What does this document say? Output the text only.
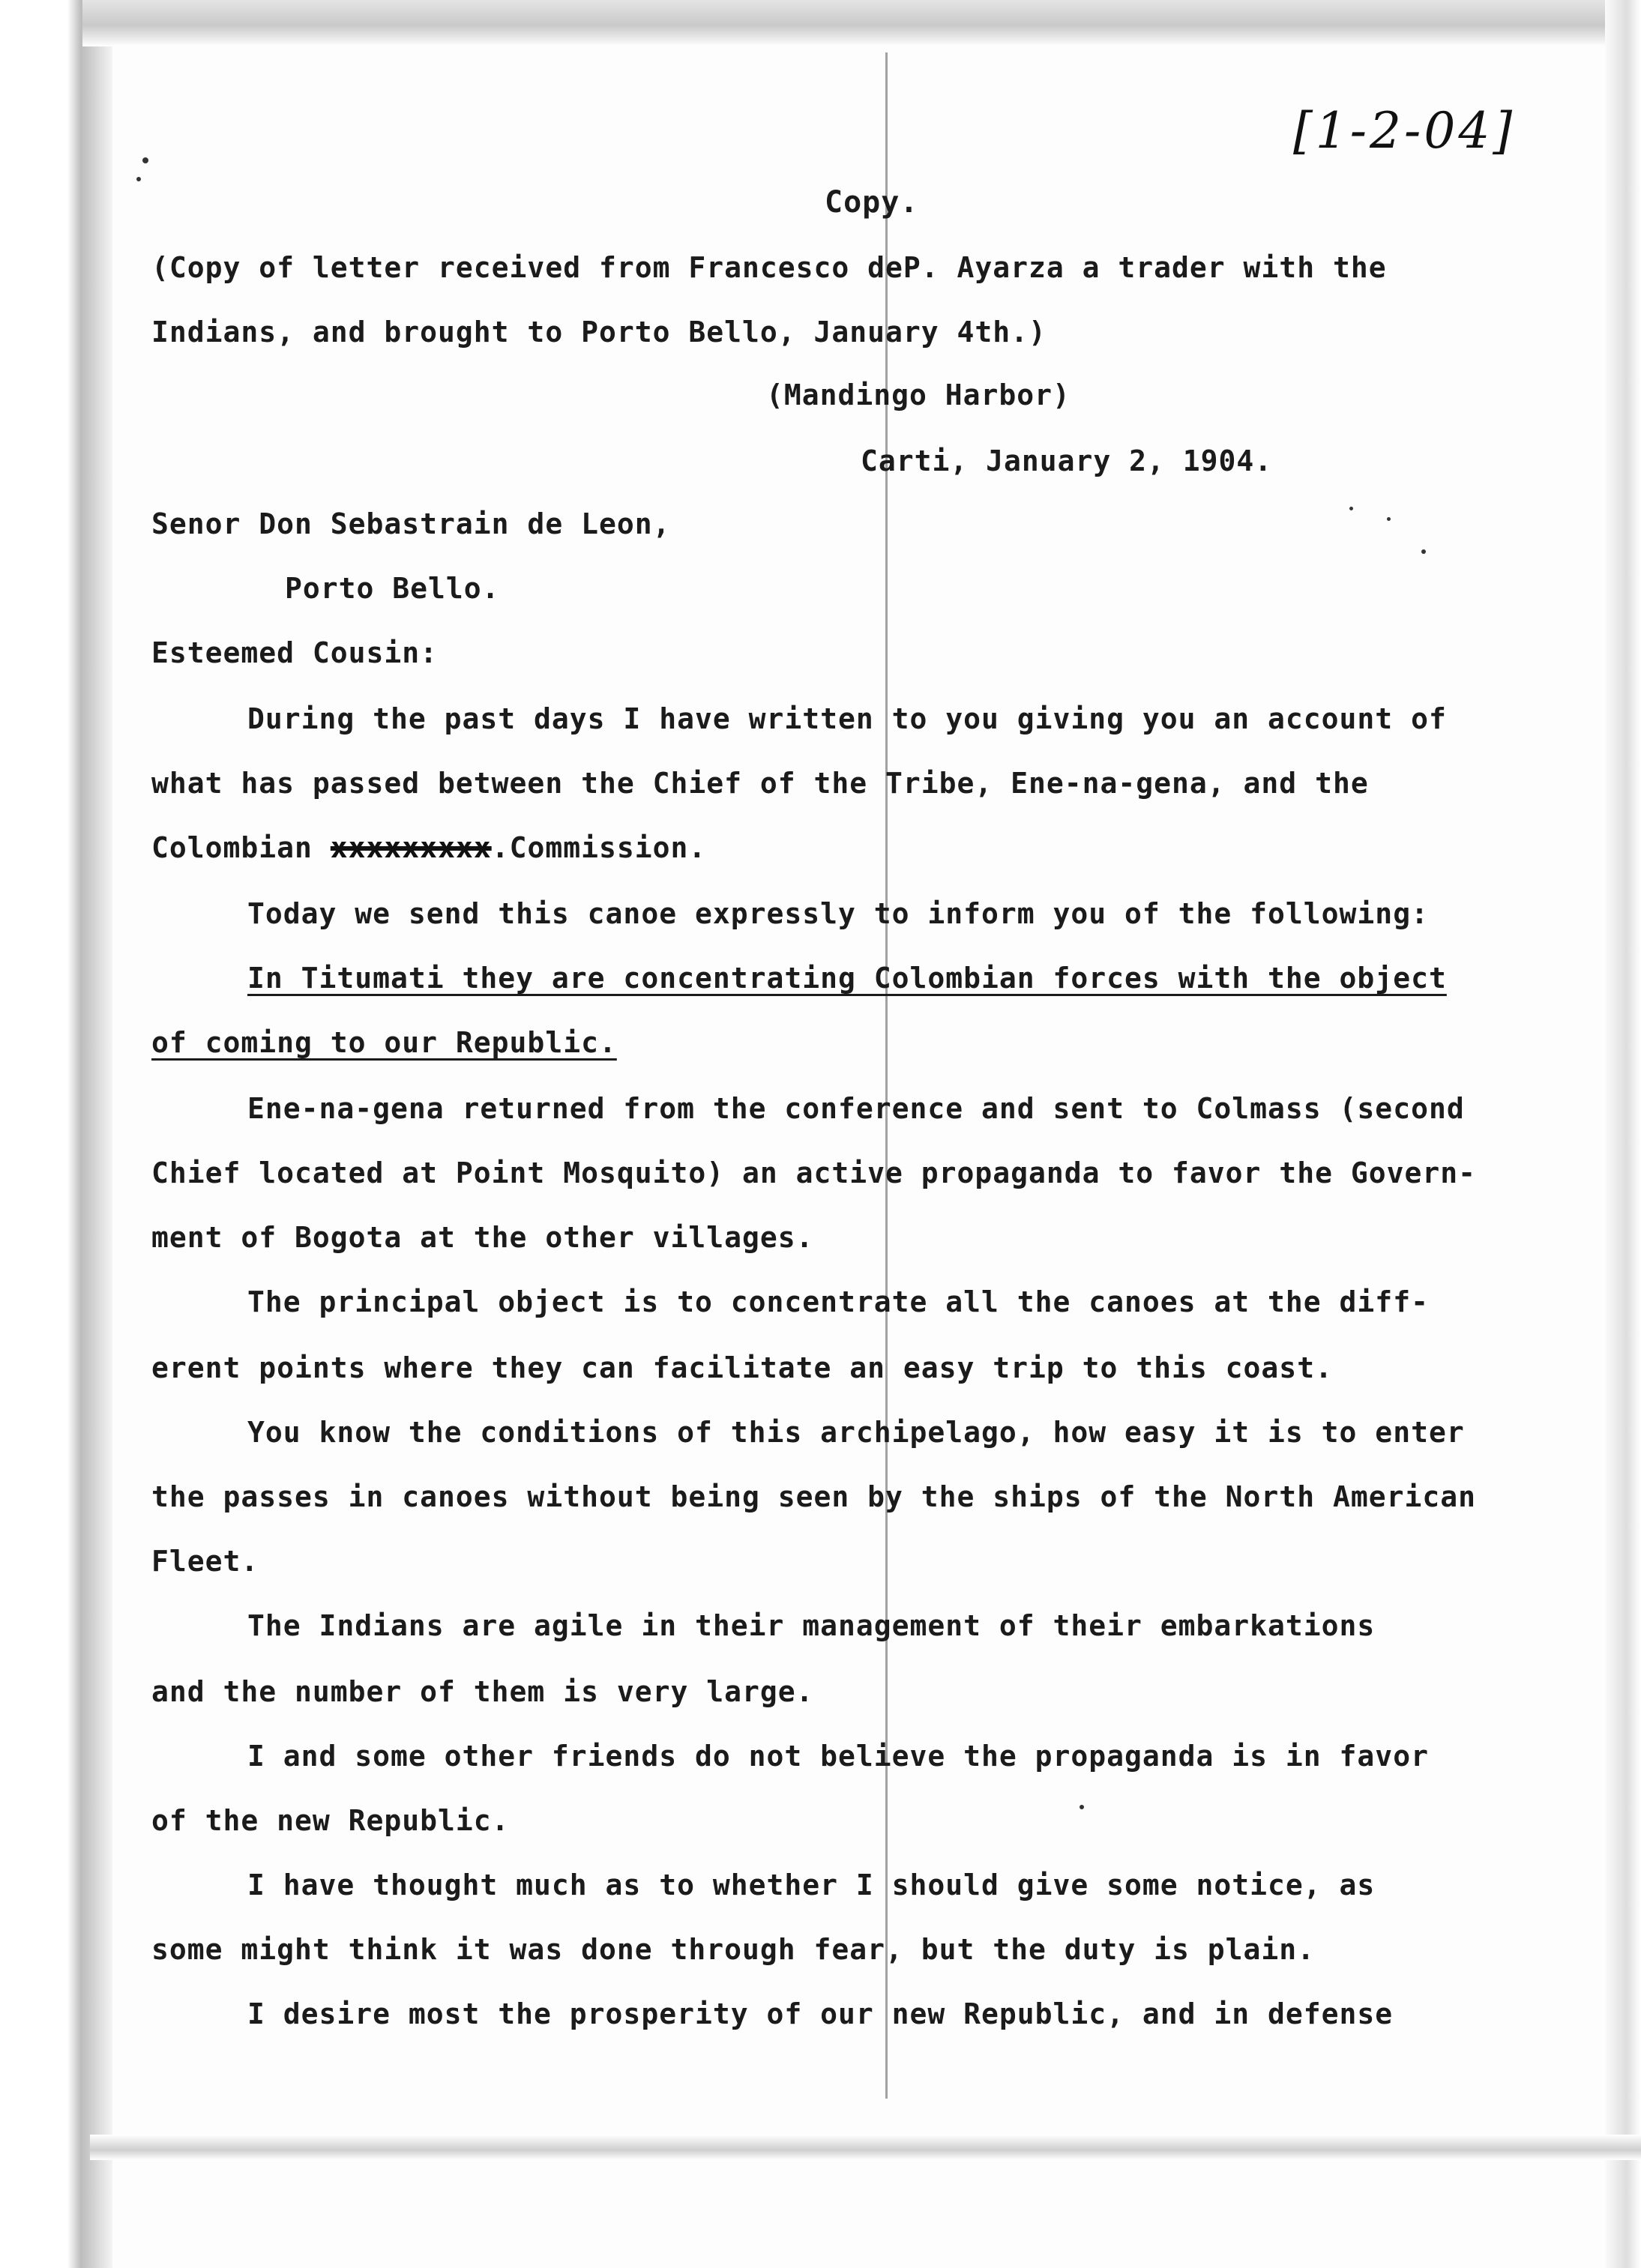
[1-2-04]
Copy.
(Copy of letter received from Francesco deP. Ayarza a trader with the
Indians, and brought to Porto Bello, January 4th.)
(Mandingo Harbor)
Carti, January 2, 1904.
Senor Don Sebastrain de Leon,
Porto Bello.
Esteemed Cousin:
During the past days I have written to you giving you an account of
what has passed between the Chief of the Tribe, Ene-na-gena, and the
Colombian xxxxxxxxx.Commission.
Today we send this canoe expressly to inform you of the following:
In Titumati they are concentrating Colombian forces with the object
of coming to our Republic.
Ene-na-gena returned from the conference and sent to Colmass (second
Chief located at Point Mosquito) an active propaganda to favor the Govern-
ment of Bogota at the other villages.
The principal object is to concentrate all the canoes at the diff-
erent points where they can facilitate an easy trip to this coast.
You know the conditions of this archipelago, how easy it is to enter
the passes in canoes without being seen by the ships of the North American
Fleet.
The Indians are agile in their management of their embarkations
and the number of them is very large.
I and some other friends do not believe the propaganda is in favor
of the new Republic.
I have thought much as to whether I should give some notice, as
some might think it was done through fear, but the duty is plain.
I desire most the prosperity of our new Republic, and in defense
